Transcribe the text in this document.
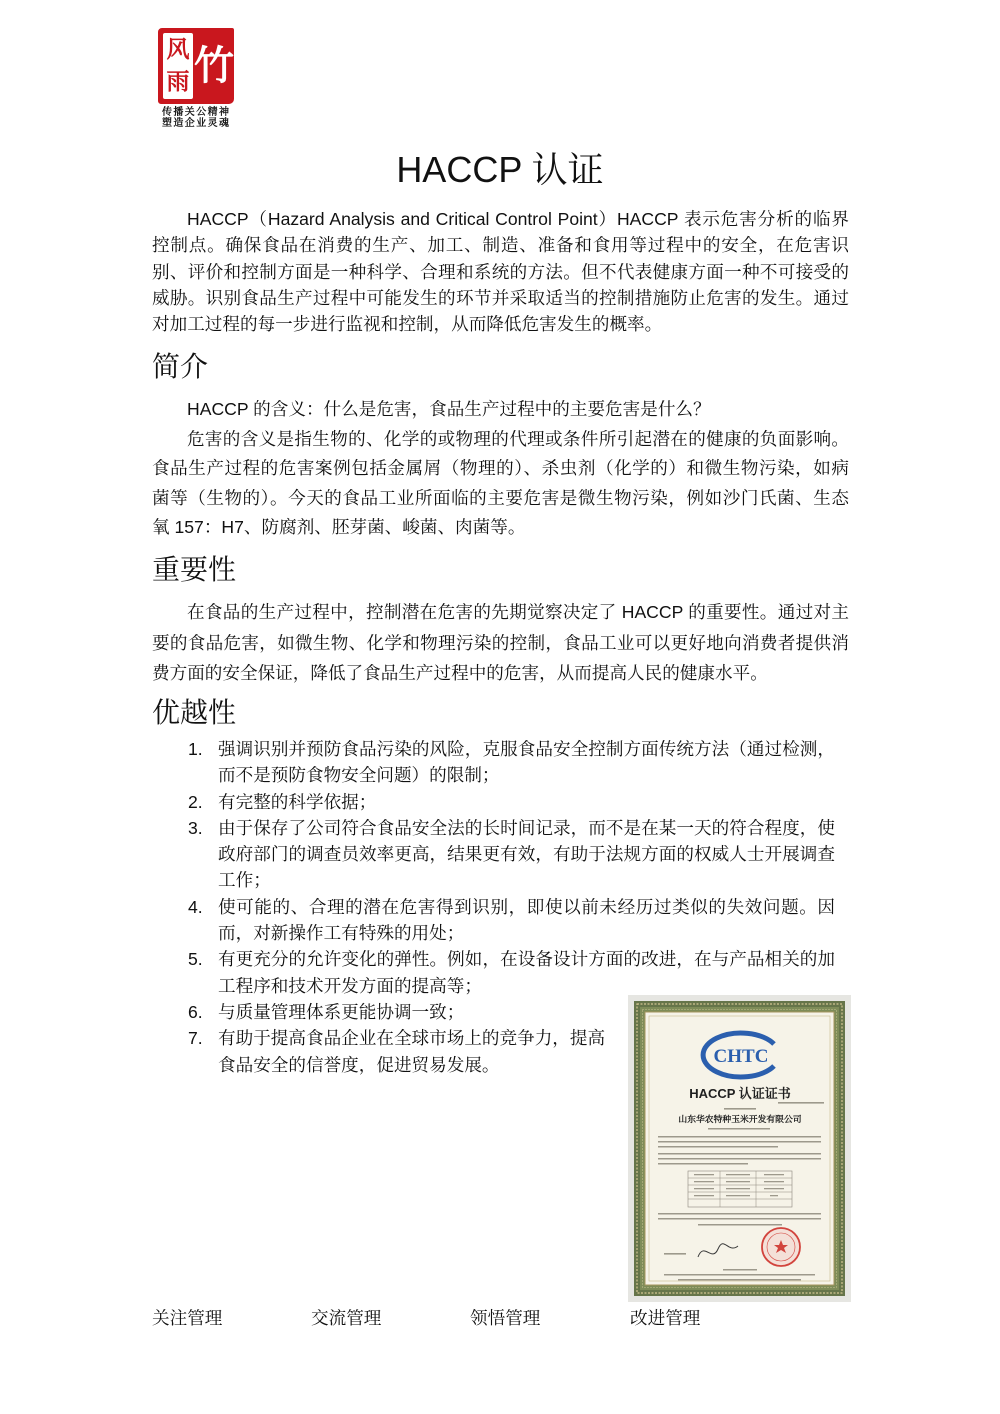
风
雨 竹
传播关公精神
塑造企业灵魂
HACCP 认证
HACCP（Hazard Analysis and Critical Control Point）HACCP 表示危害分析的临界
控制点。确保食品在消费的生产、加工、制造、准备和食用等过程中的安全，在危害识
别、评价和控制方面是一种科学、合理和系统的方法。但不代表健康方面一种不可接受的
威胁。识别食品生产过程中可能发生的环节并采取适当的控制措施防止危害的发生。通过
对加工过程的每一步进行监视和控制，从而降低危害发生的概率。
简介
HACCP 的含义：什么是危害，食品生产过程中的主要危害是什么？
危害的含义是指生物的、化学的或物理的代理或条件所引起潜在的健康的负面影响。
食品生产过程的危害案例包括金属屑（物理的）、杀虫剂（化学的）和微生物污染，如病
菌等（生物的）。今天的食品工业所面临的主要危害是微生物污染，例如沙门氏菌、生态
氧 157：H7、防腐剂、胚芽菌、峻菌、肉菌等。
重要性
在食品的生产过程中，控制潜在危害的先期觉察决定了 HACCP 的重要性。通过对主
要的食品危害，如微生物、化学和物理污染的控制，食品工业可以更好地向消费者提供消
费方面的安全保证，降低了食品生产过程中的危害，从而提高人民的健康水平。
优越性
1. 强调识别并预防食品污染的风险，克服食品安全控制方面传统方法（通过检测，
而不是预防食物安全问题）的限制；
2. 有完整的科学依据；
3. 由于保存了公司符合食品安全法的长时间记录，而不是在某一天的符合程度，使
政府部门的调查员效率更高，结果更有效，有助于法规方面的权威人士开展调查
工作；
4. 使可能的、合理的潜在危害得到识别，即使以前未经历过类似的失效问题。因
而，对新操作工有特殊的用处；
5. 有更充分的允许变化的弹性。例如，在设备设计方面的改进，在与产品相关的加
工程序和技术开发方面的提高等；
6. 与质量管理体系更能协调一致；
7. 有助于提高食品企业在全球市场上的竞争力，提高
食品安全的信誉度，促进贸易发展。	CHTC
HACCP 认证证书
山东华农特种玉米开发有限公司
关注管理	交流管理	领悟管理	改进管理
